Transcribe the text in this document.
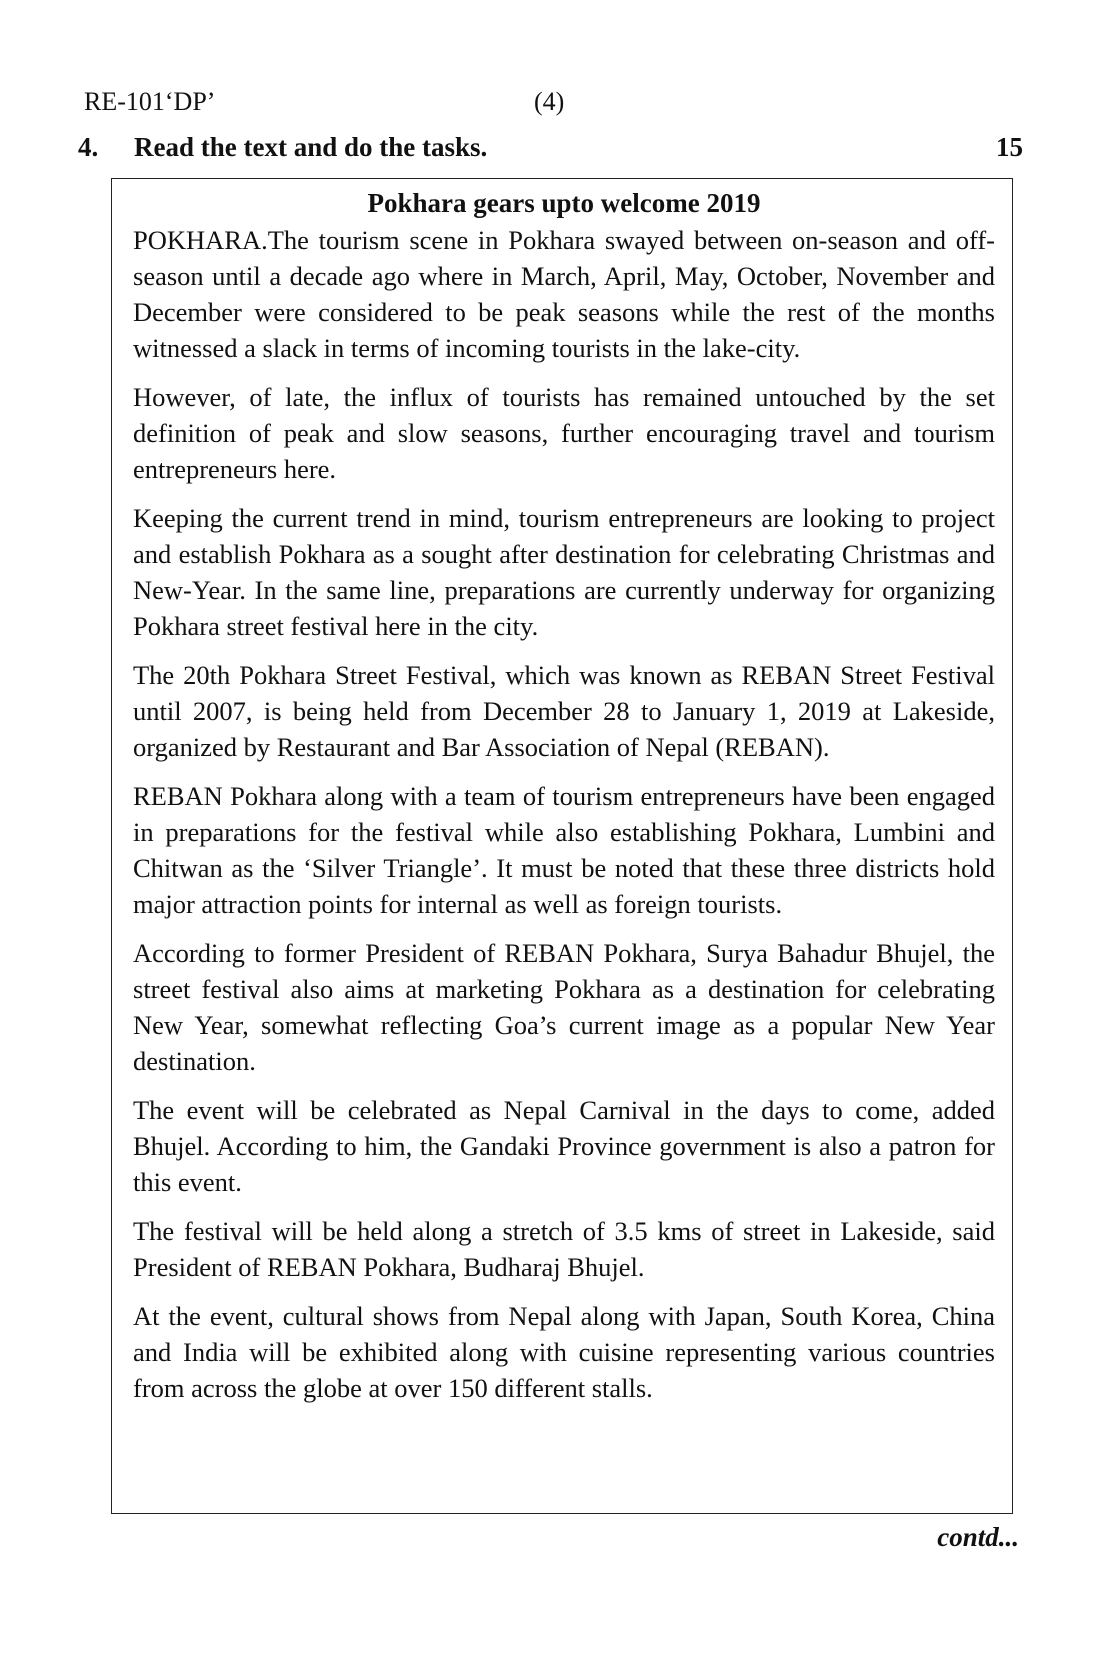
RE-101‘DP’	(4)
4. Read the text and do the tasks.	15
Pokhara gears upto welcome 2019

POKHARA.The tourism scene in Pokhara swayed between on-season and off-season until a decade ago where in March, April, May, October, November and December were considered to be peak seasons while the rest of the months witnessed a slack in terms of incoming tourists in the lake-city.

However, of late, the influx of tourists has remained untouched by the set definition of peak and slow seasons, further encouraging travel and tourism entrepreneurs here.

Keeping the current trend in mind, tourism entrepreneurs are looking to project and establish Pokhara as a sought after destination for celebrating Christmas and New-Year. In the same line, preparations are currently underway for organizing Pokhara street festival here in the city.

The 20th Pokhara Street Festival, which was known as REBAN Street Festival until 2007, is being held from December 28 to January 1, 2019 at Lakeside, organized by Restaurant and Bar Association of Nepal (REBAN).

REBAN Pokhara along with a team of tourism entrepreneurs have been engaged in preparations for the festival while also establishing Pokhara, Lumbini and Chitwan as the ‘Silver Triangle’. It must be noted that these three districts hold major attraction points for internal as well as foreign tourists.

According to former President of REBAN Pokhara, Surya Bahadur Bhujel, the street festival also aims at marketing Pokhara as a destination for celebrating New Year, somewhat reflecting Goa’s current image as a popular New Year destination.

The event will be celebrated as Nepal Carnival in the days to come, added Bhujel. According to him, the Gandaki Province government is also a patron for this event.

The festival will be held along a stretch of 3.5 kms of street in Lakeside, said President of REBAN Pokhara, Budharaj Bhujel.

At the event, cultural shows from Nepal along with Japan, South Korea, China and India will be exhibited along with cuisine representing various countries from across the globe at over 150 different stalls.

contd...
